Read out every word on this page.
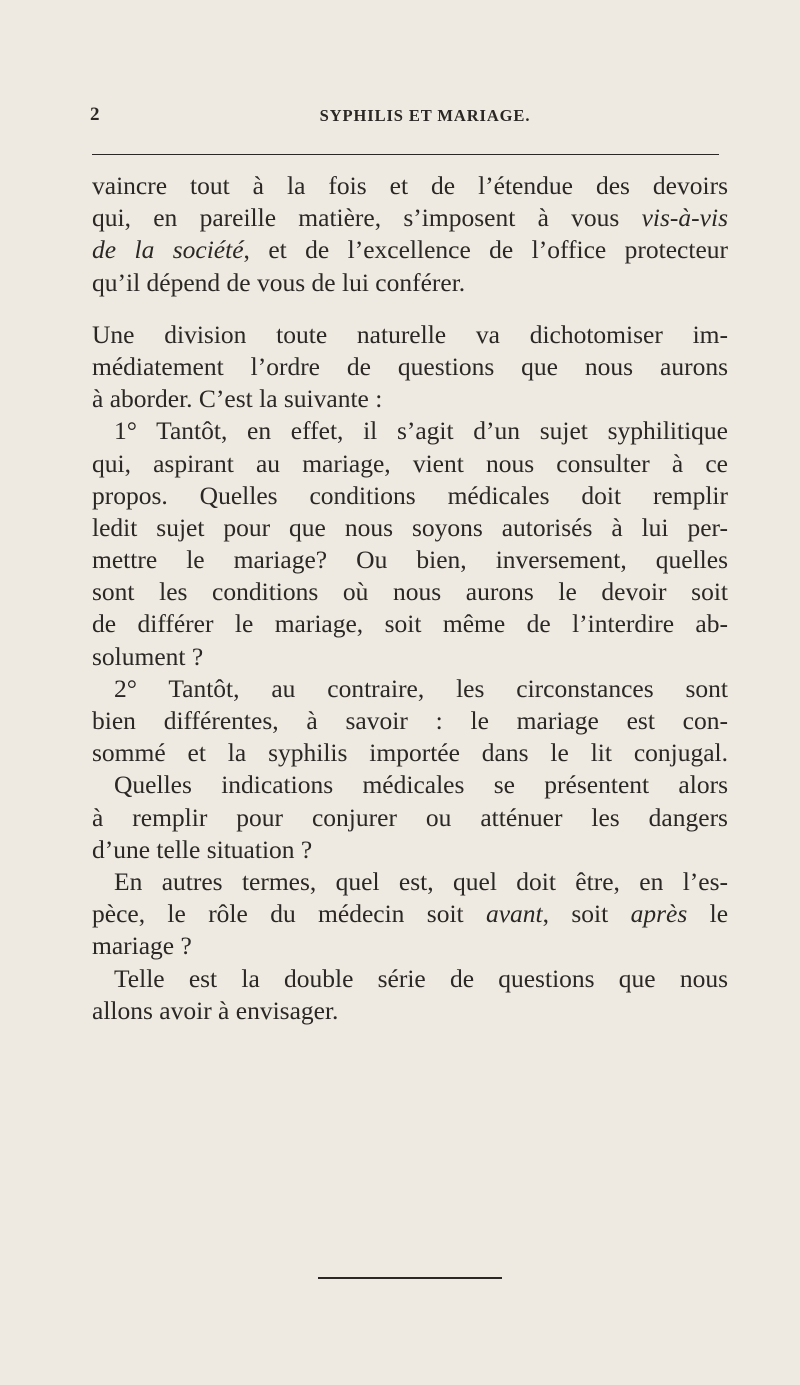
2	SYPHILIS ET MARIAGE.
vaincre tout à la fois et de l’étendue des devoirs
qui, en pareille matière, s’imposent à vous vis-à-vis
de la société, et de l’excellence de l’office protecteur
qu’il dépend de vous de lui conférer.
Une division toute naturelle va dichotomiser im-
médiatement l’ordre de questions que nous aurons
à aborder. C’est la suivante :
1° Tantôt, en effet, il s’agit d’un sujet syphilitique
qui, aspirant au mariage, vient nous consulter à ce
propos. Quelles conditions médicales doit remplir
ledit sujet pour que nous soyons autorisés à lui per-
mettre le mariage? Ou bien, inversement, quelles
sont les conditions où nous aurons le devoir soit
de différer le mariage, soit même de l’interdire ab-
solument ?
2° Tantôt, au contraire, les circonstances sont
bien différentes, à savoir : le mariage est con-
sommé et la syphilis importée dans le lit conjugal.
Quelles indications médicales se présentent alors
à remplir pour conjurer ou atténuer les dangers
d’une telle situation ?
En autres termes, quel est, quel doit être, en l’es-
pèce, le rôle du médecin soit avant, soit après le
mariage ?
Telle est la double série de questions que nous
allons avoir à envisager.
